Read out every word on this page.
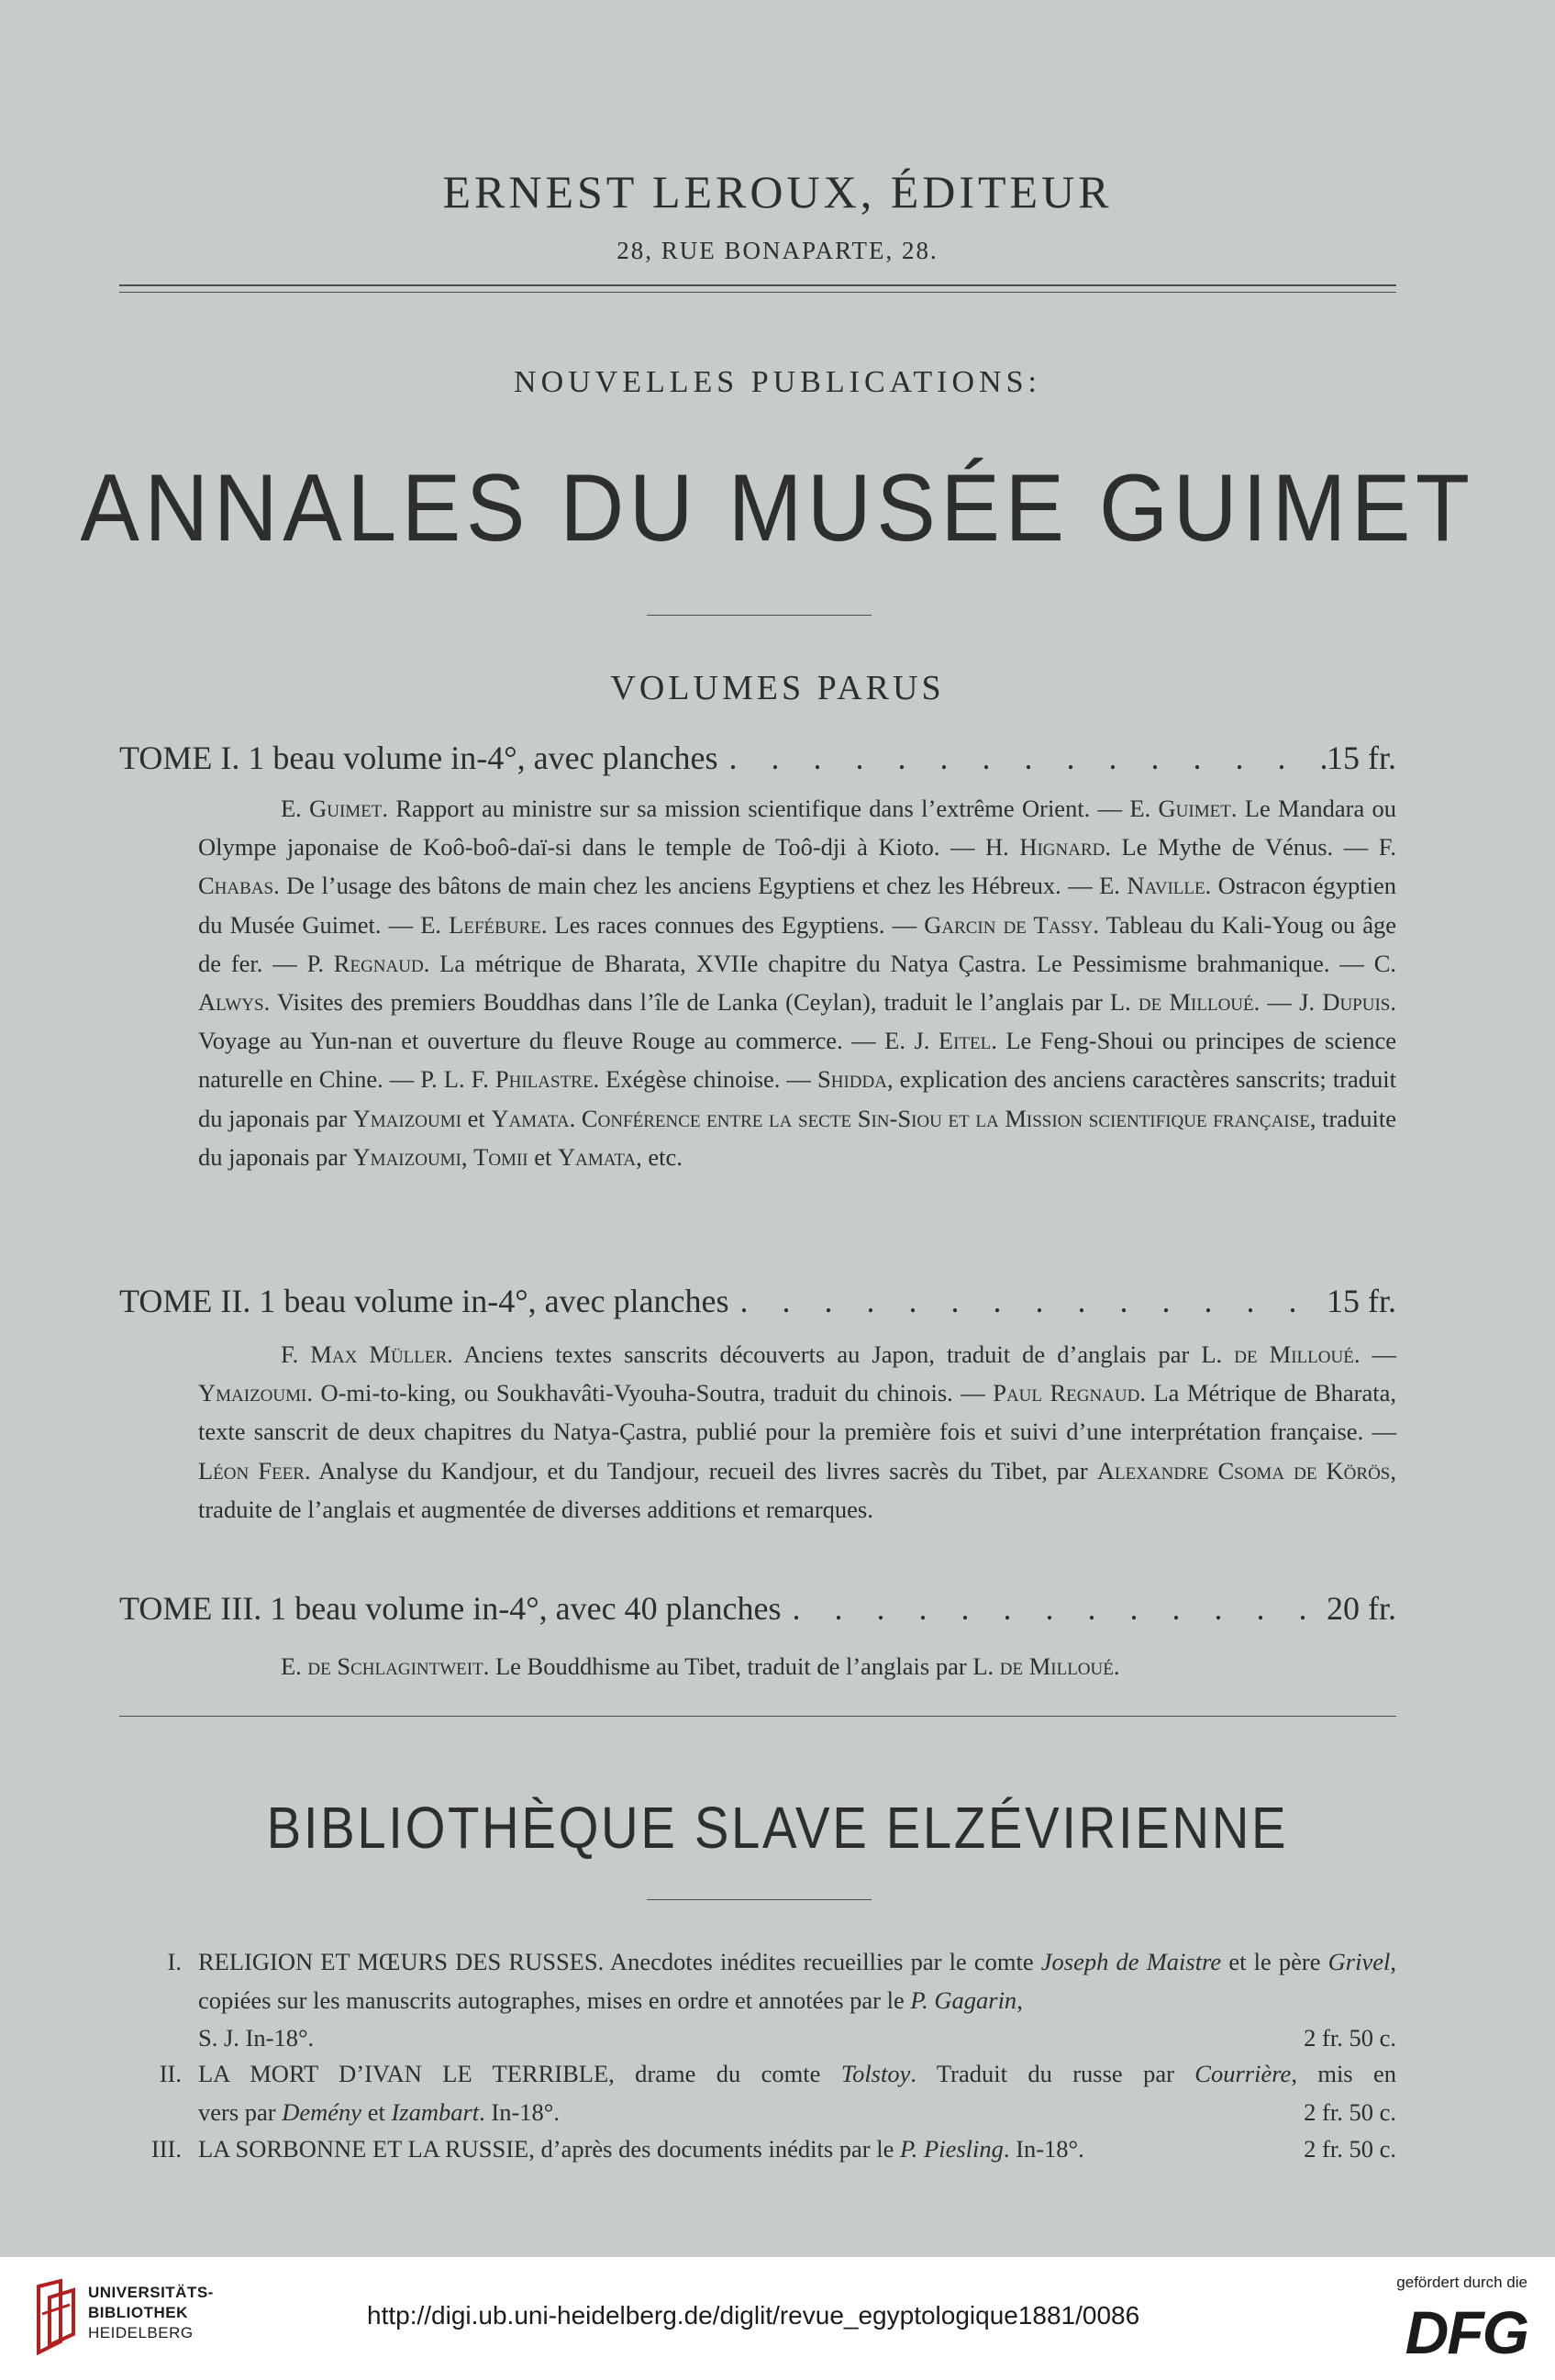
ERNEST LEROUX, ÉDITEUR
28, RUE BONAPARTE, 28.
NOUVELLES PUBLICATIONS:
ANNALES DU MUSÉE GUIMET
VOLUMES PARUS
TOME I. 1 beau volume in-4°, avec planches . . .	15 fr.

E. Guimet. Rapport au ministre sur sa mission scientifique dans l’extrême Orient. — E. Guimet. Le Mandara ou Olympe japonaise de Koô-boô-daï-si dans le temple de Toô-dji à Kioto. — H. Hignard. Le Mythe de Vénus. — F. Chabas. De l’usage des bâtons de main chez les anciens Egyptiens et chez les Hébreux. — E. Naville. Ostracon égyptien du Musée Guimet. — E. Lefébure. Les races connues des Egyptiens. — Garcin de Tassy. Tableau du Kali-Youg ou âge de fer. — P. Regnaud. La métrique de Bharata, XVIIe chapitre du Natya Çastra. Le Pessimisme brahmanique. — C. Alwys. Visites des premiers Bouddhas dans l’île de Lanka (Ceylan), traduit le l’anglais par L. de Milloué. — J. Dupuis. Voyage au Yun-nan et ouverture du fleuve Rouge au commerce. — E. J. Eitel. Le Feng-Shoui ou principes de science naturelle en Chine. — P. L. F. Philastre. Exégèse chinoise. — Shidda, explication des anciens caractères sanscrits; traduit du japonais par Ymaizoumi et Yamata. Conférence entre la secte Sin-Siou et la Mission scientifique française, traduite du japonais par Ymaizoumi, Tomii et Yamata, etc.

TOME II. 1 beau volume in-4°, avec planches . . .	15 fr.

F. Max Müller. Anciens textes sanscrits découverts au Japon, traduit de d’anglais par L. de Milloué. — Ymaizoumi. O-mi-to-king, ou Soukhavâti-Vyouha-Soutra, traduit du chinois. — Paul Regnaud. La Métrique de Bharata, texte sanscrit de deux chapitres du Natya-Çastra, publié pour la première fois et suivi d’une interprétation française. — Léon Feer. Analyse du Kandjour, et du Tandjour, recueil des livres sacrès du Tibet, par Alexandre Csoma de Körös, traduite de l’anglais et augmentée de diverses additions et remarques.

TOME III. 1 beau volume in-4°, avec 40 planches . . .	20 fr.

E. de Schlagintweit. Le Bouddhisme au Tibet, traduit de l’anglais par L. de Milloué.

BIBLIOTHÈQUE SLAVE ELZÉVIRIENNE
I. RELIGION ET MŒURS DES RUSSES. Anecdotes inédites recueillies par le comte Joseph de Maistre et le père Grivel, copiées sur les manuscrits autographes, mises en ordre et annotées par le P. Gagarin,
S. J. In-18°.	2 fr. 50 c.
II. LA MORT D’IVAN LE TERRIBLE, drame du comte Tolstoy. Traduit du russe par Courrière, mis en
vers par Demény et Izambart. In-18°.	2 fr. 50 c.
III. LA SORBONNE ET LA RUSSIE, d’après des documents inédits par le P. Piesling. In-18°.	2 fr. 50 c.
UNIVERSITÄTS-
BIBLIOTHEK
HEIDELBERG
http://digi.ub.uni-heidelberg.de/diglit/revue_egyptologique1881/0086
gefördert durch die
DFG
